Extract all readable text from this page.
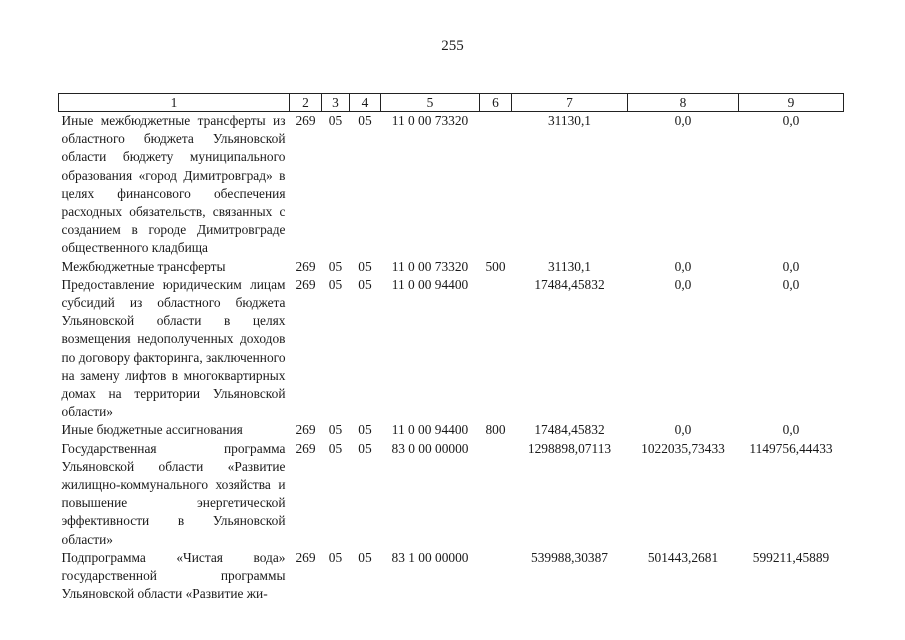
255
1	2	3	4	5	6	7	8	9
Иные межбюджетные трансферты из областного бюджета Ульяновской области бюджету муниципального образования «город Димитровград» в целях финансового обеспечения расходных обязательств, связанных с созданием в городе Димитровграде общественного кладбища	269	05	05	11 0 00 73320		31130,1	0,0	0,0
Межбюджетные трансферты	269	05	05	11 0 00 73320	500	31130,1	0,0	0,0
Предоставление юридическим лицам субсидий из областного бюджета Ульяновской области в целях возмещения недополученных доходов по договору факторинга, заключенного на замену лифтов в многоквартирных домах на территории Ульяновской области»	269	05	05	11 0 00 94400		17484,45832	0,0	0,0
Иные бюджетные ассигнования	269	05	05	11 0 00 94400	800	17484,45832	0,0	0,0
Государственная программа Ульяновской области «Развитие жилищно-коммунального хозяйства и повышение энергетической эффективности в Ульяновской области»	269	05	05	83 0 00 00000		1298898,07113	1022035,73433	1149756,44433
Подпрограмма «Чистая вода» государственной программы Ульяновской области «Развитие жи-	269	05	05	83 1 00 00000		539988,30387	501443,2681	599211,45889
